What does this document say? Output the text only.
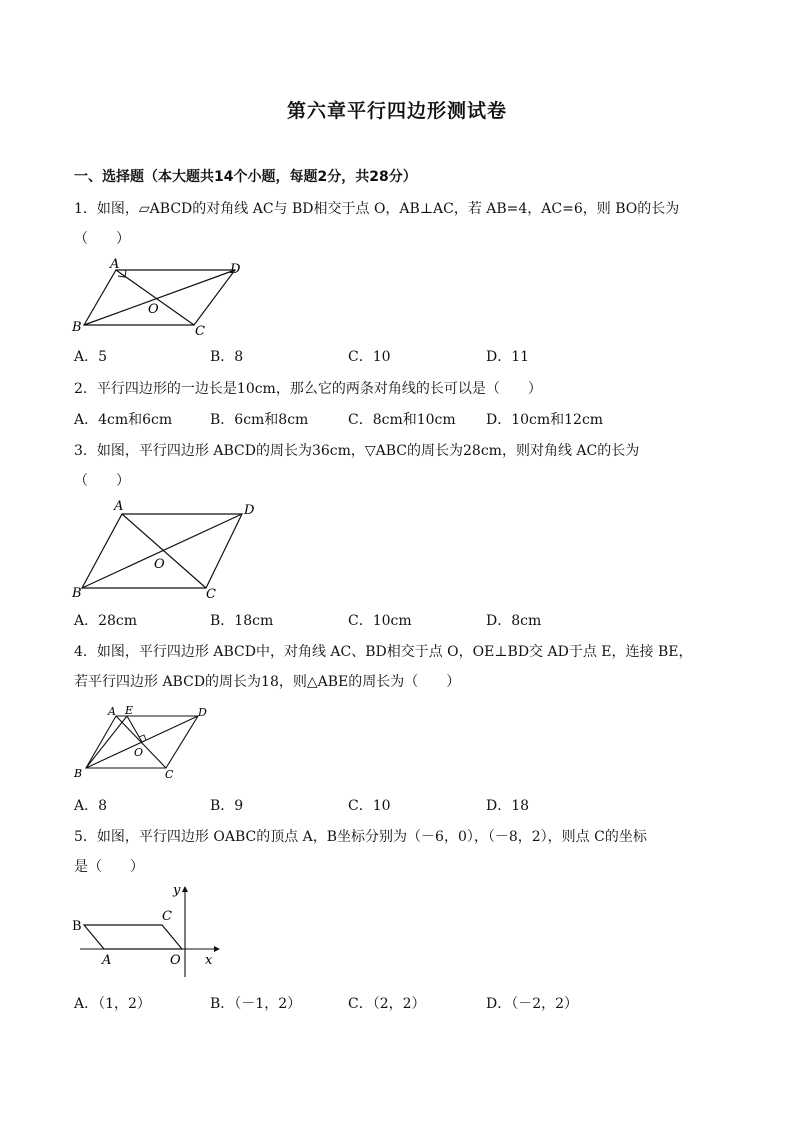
第六章平行四边形测试卷
一、选择题（本大题共14个小题，每题2分，共28分）
1．如图，▱ABCD的对角线 AC与 BD相交于点 O，AB⊥AC，若 AB=4，AC=6，则 BO的长为
（　　）
A	D
B	C
O
A．5	B．8	C．10	D．11
2．平行四边形的一边长是10cm，那么它的两条对角线的长可以是（　　）
A．4cm和6cm	B．6cm和8cm	C．8cm和10cm D．10cm和12cm
3．如图，平行四边形 ABCD的周长为36cm，▽ABC的周长为28cm，则对角线 AC的长为
（　　）
A	D
B	C
O
A．28cm	B．18cm	C．10cm	D．8cm
4．如图，平行四边形 ABCD中，对角线 AC、BD相交于点 O，OE⊥BD交 AD于点 E，连接 BE，
若平行四边形 ABCD的周长为18，则△ABE的周长为（　　）
A E	D
B	C
O
A．8	B．9	C．10	D．18
5．如图，平行四边形 OABC的顶点 A，B坐标分别为（－6，0），（－8，2），则点 C的坐标
是（　　）
B
C
A	O x
y
A．（1，2）	B．（－1，2）	C．（2，2）	D．（－2，2）
